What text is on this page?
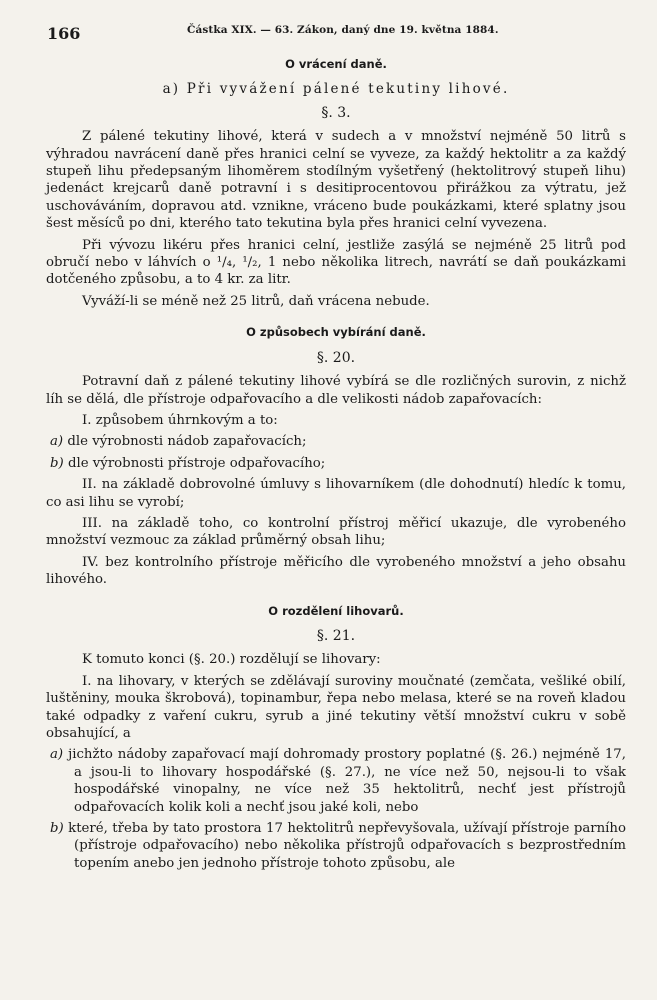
166	Částka XIX. — 63. Zákon, daný dne 19. května 1884.
O vrácení daně.
a) Při vyvážení pálené tekutiny lihové.
§. 3.

Z pálené tekutiny lihové, která v sudech a v množství nejméně 50 litrů s výhradou navrácení daně přes hranici celní se vyveze, za každý hektolitr a za každý stupeň lihu předepsaným lihoměrem stodílným vyšetřený (hektolitrový stupeň lihu) jedenáct krejcarů daně potravní i s desitiprocentovou přirážkou za výtratu, jež uschováváním, dopravou atd. vznikne, vráceno bude poukázkami, které splatny jsou šest měsíců po dni, kterého tato tekutina byla přes hranici celní vyvezena.

Při vývozu likéru přes hranici celní, jestliže zasýlá se nejméně 25 litrů pod obručí nebo v láhvích o ¹/₄, ¹/₂, 1 nebo několika litrech, navrátí se daň poukázkami dotčeného způsobu, a to 4 kr. za litr.

Vyváží-li se méně než 25 litrů, daň vrácena nebude.

O způsobech vybírání daně.
§. 20.

Potravní daň z pálené tekutiny lihové vybírá se dle rozličných surovin, z nichž líh se dělá, dle přístroje odpařovacího a dle velikosti nádob zapařovacích:

I. způsobem úhrnkovým a to:

a) dle výrobnosti nádob zapařovacích;

b) dle výrobnosti přístroje odpařovacího;

II. na základě dobrovolné úmluvy s lihovarníkem (dle dohodnutí) hledíc k tomu, co asi lihu se vyrobí;

III. na základě toho, co kontrolní přístroj měřicí ukazuje, dle vyrobeného množství vezmouc za základ průměrný obsah lihu;

IV. bez kontrolního přístroje měřicího dle vyrobeného množství a jeho obsahu lihového.

O rozdělení lihovarů.
§. 21.

K tomuto konci (§. 20.) rozdělují se lihovary:

I. na lihovary, v kterých se zdělávají suroviny moučnaté (zemčata, vešliké obilí, luštěniny, mouka škrobová), topinambur, řepa nebo melasa, které se na roveň kladou také odpadky z vaření cukru, syrub a jiné tekutiny větší množství cukru v sobě obsahující, a

a) jichžto nádoby zapařovací mají dohromady prostory poplatné (§. 26.) nejméně 17, a jsou-li to lihovary hospodářské (§. 27.), ne více než 50, nejsou-li to však hospodářské vinopalny, ne více než 35 hektolitrů, nechť jest přístrojů odpařovacích kolik koli a nechť jsou jaké koli, nebo

b) které, třeba by tato prostora 17 hektolitrů nepřevyšovala, užívají přístroje parního (přístroje odpařovacího) nebo několika přístrojů odpařovacích s bezprostředním topením anebo jen jednoho přístroje tohoto způsobu, ale
